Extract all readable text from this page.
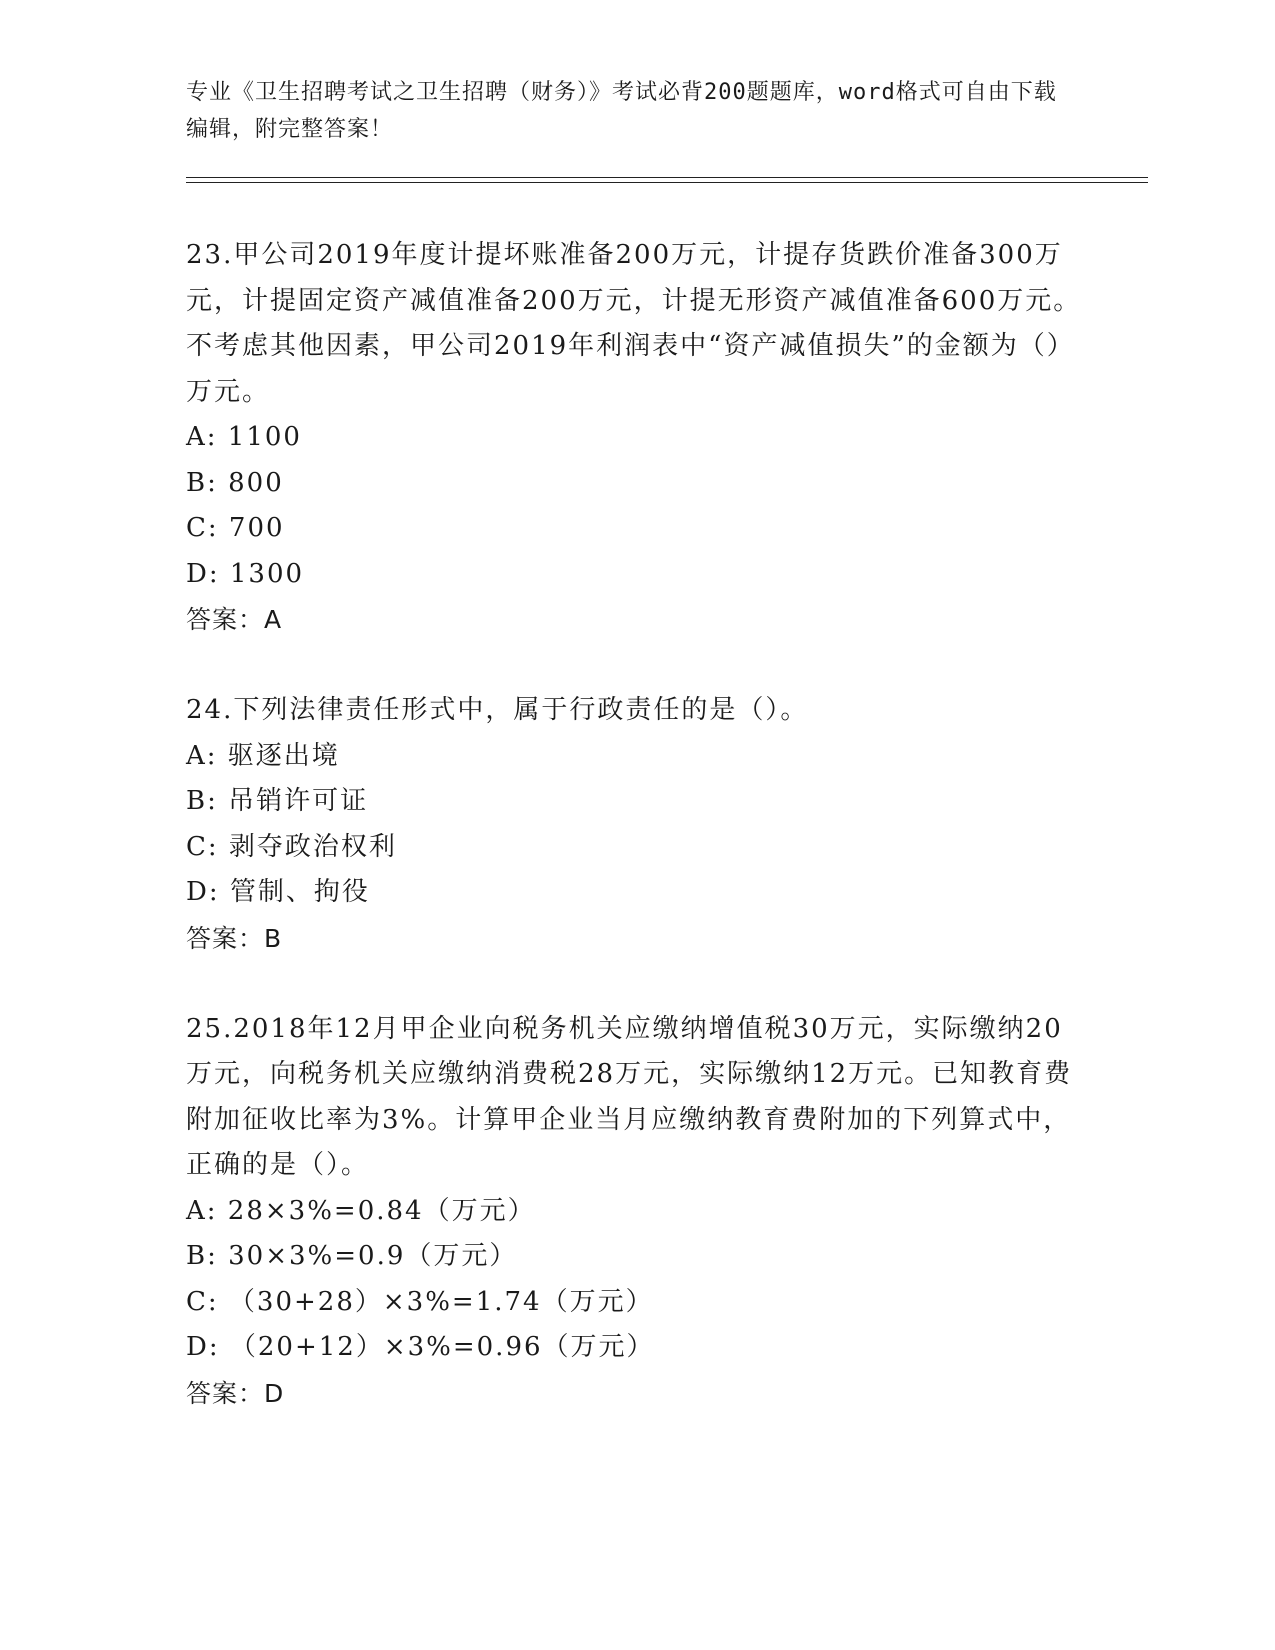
专业《卫生招聘考试之卫生招聘（财务）》考试必背200题题库，word格式可自由下载编辑，附完整答案！

23.甲公司2019年度计提坏账准备200万元，计提存货跌价准备300万元，计提固定资产减值准备200万元，计提无形资产减值准备600万元。不考虑其他因素，甲公司2019年利润表中“资产减值损失”的金额为（）万元。

A: 1100

B: 800

C: 700

D: 1300

答案：A

24.下列法律责任形式中，属于行政责任的是（）。

A: 驱逐出境

B: 吊销许可证

C: 剥夺政治权利

D: 管制、拘役

答案：B

25.2018年12月甲企业向税务机关应缴纳增值税30万元，实际缴纳20万元，向税务机关应缴纳消费税28万元，实际缴纳12万元。已知教育费附加征收比率为3%。计算甲企业当月应缴纳教育费附加的下列算式中，正确的是（）。

A: 28×3%=0.84（万元）

B: 30×3%=0.9（万元）

C: （30+28）×3%=1.74（万元）

D: （20+12）×3%=0.96（万元）

答案：D
